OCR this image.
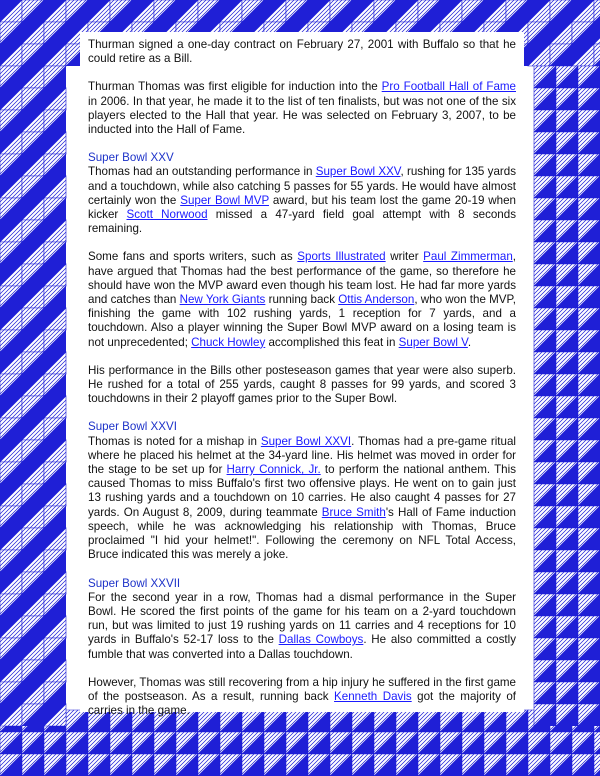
Thurman signed a one-day contract on February 27, 2001 with Buffalo so that he could retire as a Bill.

Thurman Thomas was first eligible for induction into the Pro Football Hall of Fame in 2006. In that year, he made it to the list of ten finalists, but was not one of the six players elected to the Hall that year. He was selected on February 3, 2007, to be inducted into the Hall of Fame.

Super Bowl XXV

Thomas had an outstanding performance in Super Bowl XXV, rushing for 135 yards and a touchdown, while also catching 5 passes for 55 yards. He would have almost certainly won the Super Bowl MVP award, but his team lost the game 20-19 when kicker Scott Norwood missed a 47-yard field goal attempt with 8 seconds remaining.

Some fans and sports writers, such as Sports Illustrated writer Paul Zimmerman, have argued that Thomas had the best performance of the game, so therefore he should have won the MVP award even though his team lost. He had far more yards and catches than New York Giants running back Ottis Anderson, who won the MVP, finishing the game with 102 rushing yards, 1 reception for 7 yards, and a touchdown. Also a player winning the Super Bowl MVP award on a losing team is not unprecedented; Chuck Howley accomplished this feat in Super Bowl V.

His performance in the Bills other posteseason games that year were also superb. He rushed for a total of 255 yards, caught 8 passes for 99 yards, and scored 3 touchdowns in their 2 playoff games prior to the Super Bowl.

Super Bowl XXVI

Thomas is noted for a mishap in Super Bowl XXVI. Thomas had a pre-game ritual where he placed his helmet at the 34-yard line. His helmet was moved in order for the stage to be set up for Harry Connick, Jr. to perform the national anthem. This caused Thomas to miss Buffalo's first two offensive plays. He went on to gain just 13 rushing yards and a touchdown on 10 carries. He also caught 4 passes for 27 yards. On August 8, 2009, during teammate Bruce Smith's Hall of Fame induction speech, while he was acknowledging his relationship with Thomas, Bruce proclaimed "I hid your helmet!". Following the ceremony on NFL Total Access, Bruce indicated this was merely a joke.

Super Bowl XXVII

For the second year in a row, Thomas had a dismal performance in the Super Bowl. He scored the first points of the game for his team on a 2-yard touchdown run, but was limited to just 19 rushing yards on 11 carries and 4 receptions for 10 yards in Buffalo's 52-17 loss to the Dallas Cowboys. He also committed a costly fumble that was converted into a Dallas touchdown.

However, Thomas was still recovering from a hip injury he suffered in the first game of the postseason. As a result, running back Kenneth Davis got the majority of carries in the game.
